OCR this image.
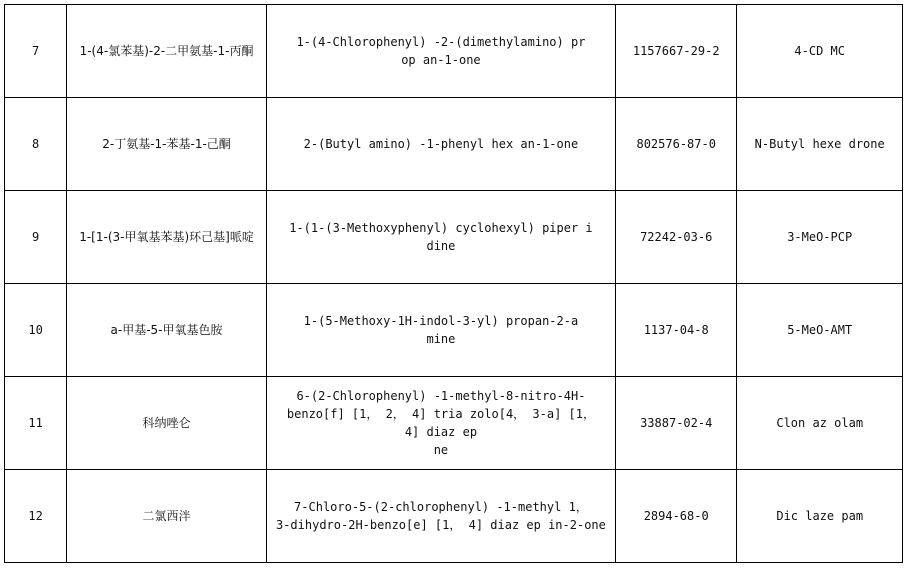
7	1-(4-氯苯基)-2-二甲氨基-1-丙酮	1-(4-Chlorophenyl) -2-(dimethylamino) pr
op an-1-one	1157667-29-2	4-CD MC
8	2-丁氨基-1-苯基-1-己酮	2-(Butyl amino) -1-phenyl hex an-1-one	802576-87-0	N-Butyl hexe drone
9	1-[1-(3-甲氧基苯基)环己基]哌啶	1-(1-(3-Methoxyphenyl) cyclohexyl) piper i
dine	72242-03-6	3-MeO-PCP
10	a-甲基-5-甲氧基色胺	1-(5-Methoxy-1H-indol-3-yl) propan-2-a
mine	1137-04-8	5-MeO-AMT
11	科纳唑仑	6-(2-Chlorophenyl) -1-methyl-8-nitro-4H-
benzo[f] [1， 2， 4] tria zolo[4， 3-a] [1，
4] diaz ep
ne	33887-02-4	Clon az olam
12	二氯西泮	7-Chloro-5-(2-chlorophenyl) -1-methyl 1，
3-dihydro-2H-benzo[e] [1， 4] diaz ep in-2-one	2894-68-0	Dic laze pam
